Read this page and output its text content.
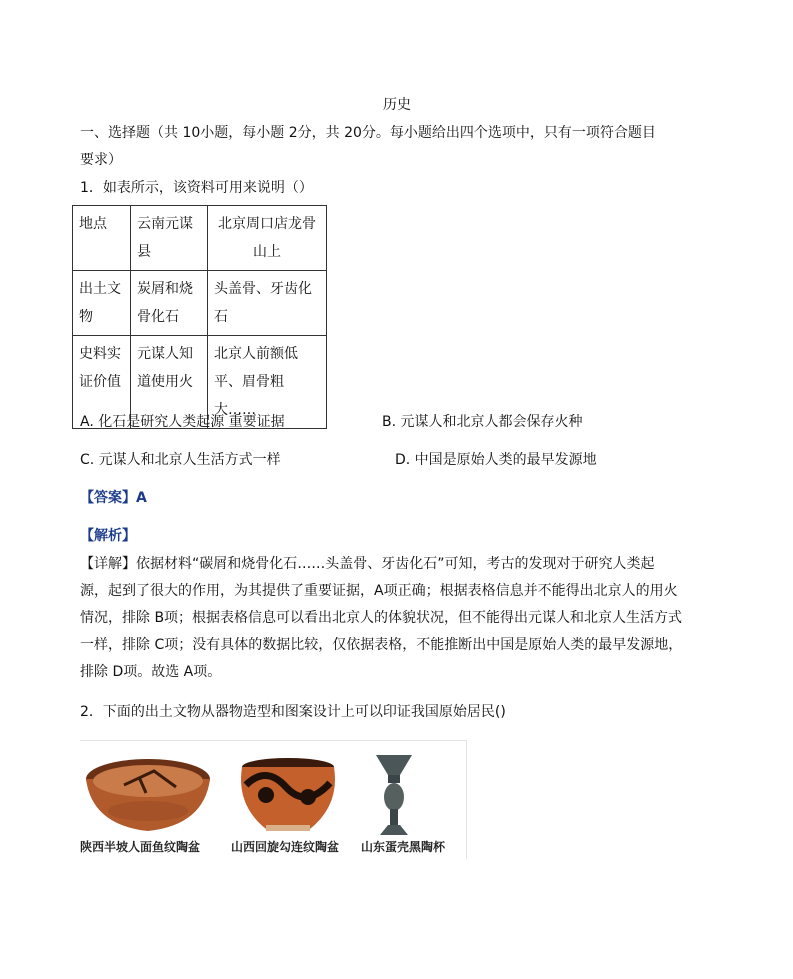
历史
一、选择题（共 10小题，每小题 2分，共 20分。每小题给出四个选项中，只有一项符合题目
要求）
1．如表所示，该资料可用来说明（）
地点	云南元谋县	北京周口店龙骨山上
出土文物	炭屑和烧骨化石	头盖骨、牙齿化石
史料实证价值	元谋人知道使用火	北京人前额低平、眉骨粗大……
A. 化石是研究人类起源 重要证据	B. 元谋人和北京人都会保存火种
C. 元谋人和北京人生活方式一样	D. 中国是原始人类的最早发源地
【答案】A
【解析】
【详解】依据材料“碳屑和烧骨化石……头盖骨、牙齿化石”可知，考古的发现对于研究人类起
源，起到了很大的作用，为其提供了重要证据，A项正确；根据表格信息并不能得出北京人的用火
情况，排除 B项；根据表格信息可以看出北京人的体貌状况，但不能得出元谋人和北京人生活方式
一样，排除 C项；没有具体的数据比较，仅依据表格，不能推断出中国是原始人类的最早发源地，
排除 D项。故选 A项。
2．下面的出土文物从器物造型和图案设计上可以印证我国原始居民()
陕西半坡人面鱼纹陶盆	山西回旋勾连纹陶盆 山东蛋壳黑陶杯
